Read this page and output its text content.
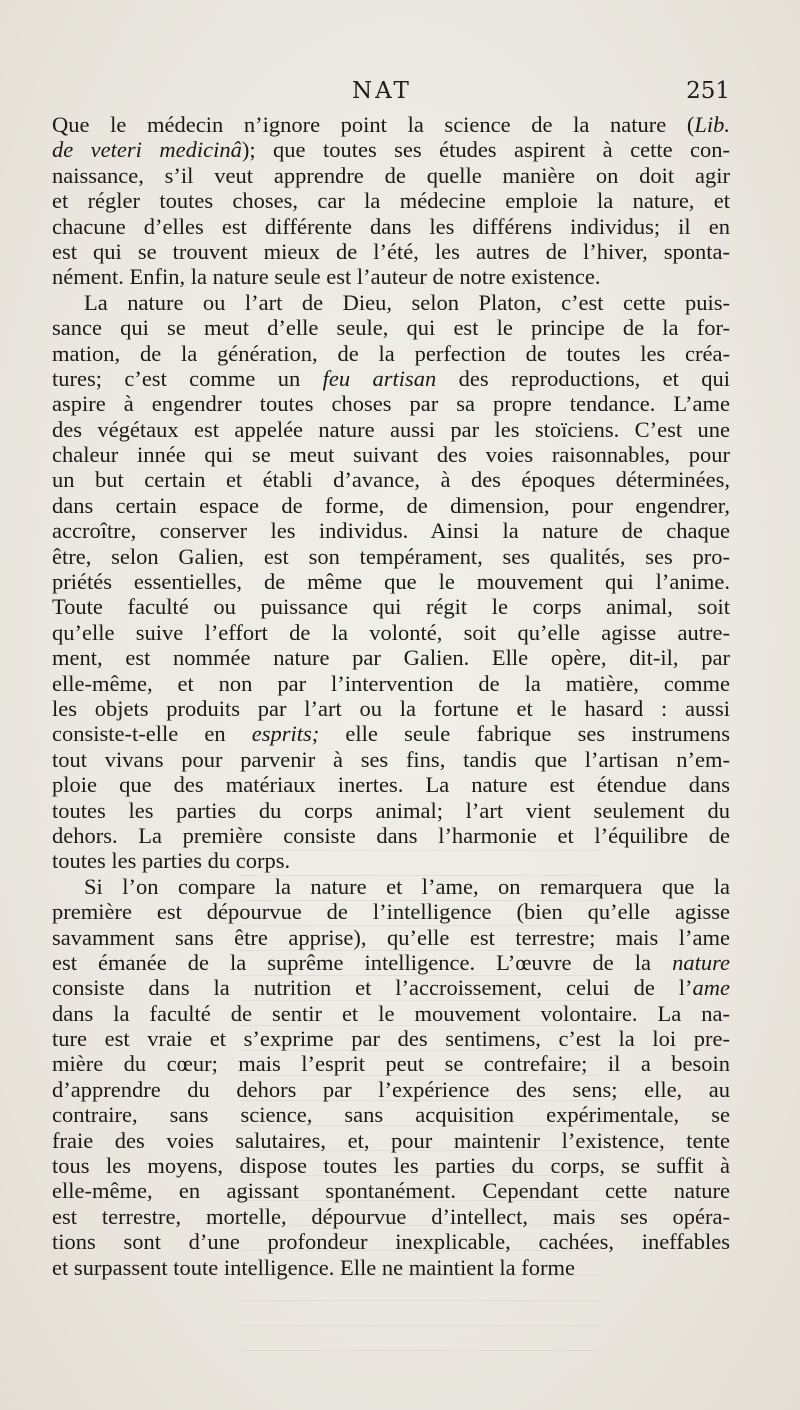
NAT	251

Que le médecin n’ignore point la science de la nature (Lib.
de veteri medicinâ); que toutes ses études aspirent à cette con-
naissance, s’il veut apprendre de quelle manière on doit agir
et régler toutes choses, car la médecine emploie la nature, et
chacune d’elles est différente dans les différens individus; il en
est qui se trouvent mieux de l’été, les autres de l’hiver, sponta-
nément. Enfin, la nature seule est l’auteur de notre existence.

La nature ou l’art de Dieu, selon Platon, c’est cette puis-
sance qui se meut d’elle seule, qui est le principe de la for-
mation, de la génération, de la perfection de toutes les créa-
tures; c’est comme un feu artisan des reproductions, et qui
aspire à engendrer toutes choses par sa propre tendance. L’ame
des végétaux est appelée nature aussi par les stoïciens. C’est une
chaleur innée qui se meut suivant des voies raisonnables, pour
un but certain et établi d’avance, à des époques déterminées,
dans certain espace de forme, de dimension, pour engendrer,
accroître, conserver les individus. Ainsi la nature de chaque
être, selon Galien, est son tempérament, ses qualités, ses pro-
priétés essentielles, de même que le mouvement qui l’anime.
Toute faculté ou puissance qui régit le corps animal, soit
qu’elle suive l’effort de la volonté, soit qu’elle agisse autre-
ment, est nommée nature par Galien. Elle opère, dit-il, par
elle-même, et non par l’intervention de la matière, comme
les objets produits par l’art ou la fortune et le hasard : aussi
consiste-t-elle en esprits; elle seule fabrique ses instrumens
tout vivans pour parvenir à ses fins, tandis que l’artisan n’em-
ploie que des matériaux inertes. La nature est étendue dans
toutes les parties du corps animal; l’art vient seulement du
dehors. La première consiste dans l’harmonie et l’équilibre de
toutes les parties du corps.

Si l’on compare la nature et l’ame, on remarquera que la
première est dépourvue de l’intelligence (bien qu’elle agisse
savamment sans être apprise), qu’elle est terrestre; mais l’ame
est émanée de la suprême intelligence. L’œuvre de la nature
consiste dans la nutrition et l’accroissement, celui de l’ame
dans la faculté de sentir et le mouvement volontaire. La na-
ture est vraie et s’exprime par des sentimens, c’est la loi pre-
mière du cœur; mais l’esprit peut se contrefaire; il a besoin
d’apprendre du dehors par l’expérience des sens; elle, au
contraire, sans science, sans acquisition expérimentale, se
fraie des voies salutaires, et, pour maintenir l’existence, tente
tous les moyens, dispose toutes les parties du corps, se suffit à
elle-même, en agissant spontanément. Cependant cette nature
est terrestre, mortelle, dépourvue d’intellect, mais ses opéra-
tions sont d’une profondeur inexplicable, cachées, ineffables
et surpassent toute intelligence. Elle ne maintient la forme
